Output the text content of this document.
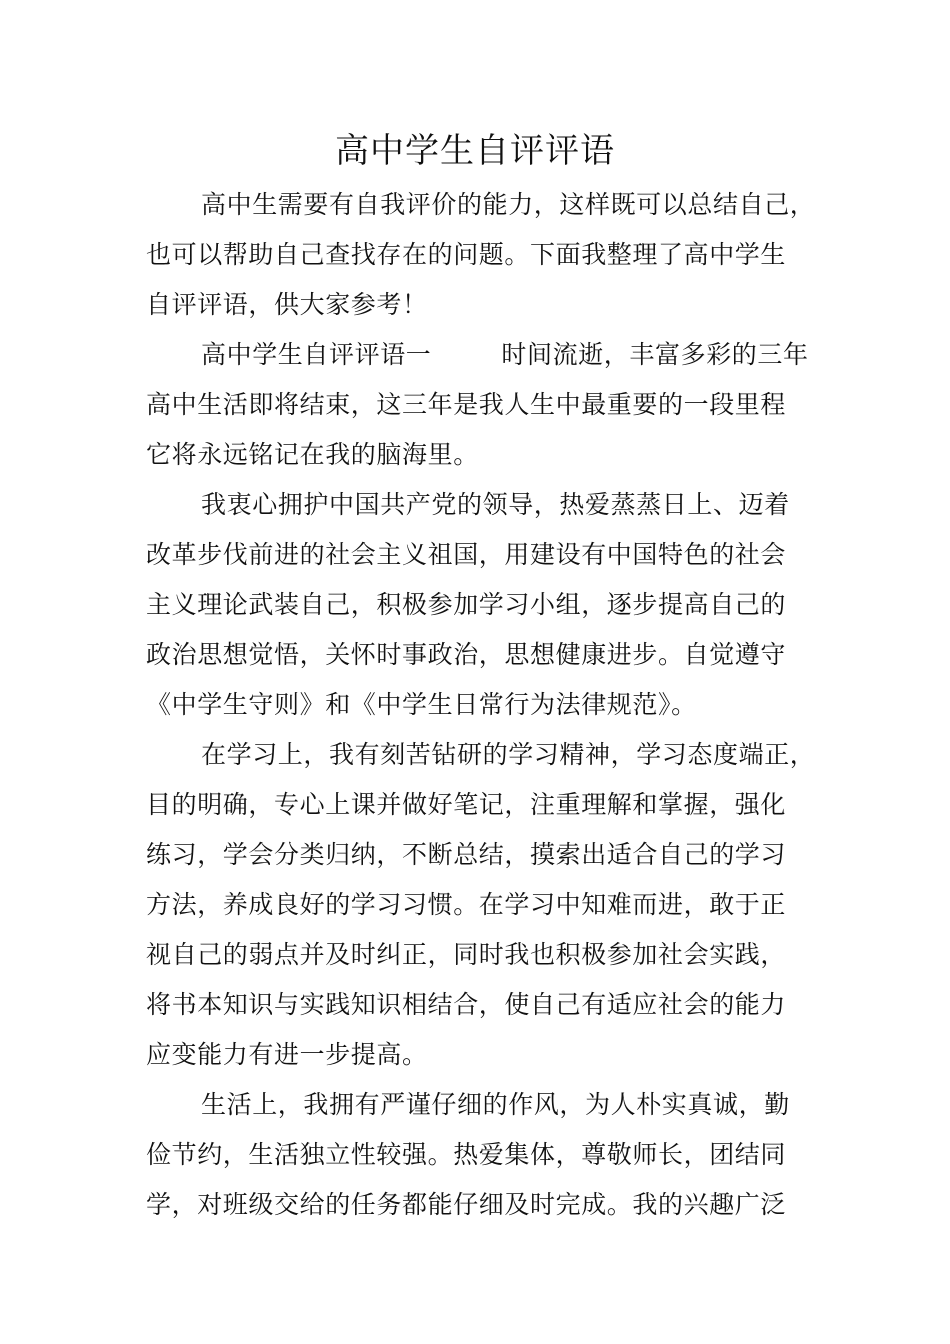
高中学生自评评语
高中生需要有自我评价的能力，这样既可以总结自己，
也可以帮助自己查找存在的问题。下面我整理了高中学生
自评评语，供大家参考！
高中学生自评评语一	时间流逝，丰富多彩的三年
高中生活即将结束，这三年是我人生中最重要的一段里程
它将永远铭记在我的脑海里。
我衷心拥护中国共产党的领导，热爱蒸蒸日上、迈着
改革步伐前进的社会主义祖国，用建设有中国特色的社会
主义理论武装自己，积极参加学习小组，逐步提高自己的
政治思想觉悟，关怀时事政治，思想健康进步。自觉遵守
《中学生守则》和《中学生日常行为法律规范》。
在学习上，我有刻苦钻研的学习精神，学习态度端正，
目的明确，专心上课并做好笔记，注重理解和掌握，强化
练习，学会分类归纳，不断总结，摸索出适合自己的学习
方法，养成良好的学习习惯。在学习中知难而进，敢于正
视自己的弱点并及时纠正，同时我也积极参加社会实践，
将书本知识与实践知识相结合，使自己有适应社会的能力
应变能力有进一步提高。
生活上，我拥有严谨仔细的作风，为人朴实真诚，勤
俭节约，生活独立性较强。热爱集体，尊敬师长，团结同
学，对班级交给的任务都能仔细及时完成。我的兴趣广泛
